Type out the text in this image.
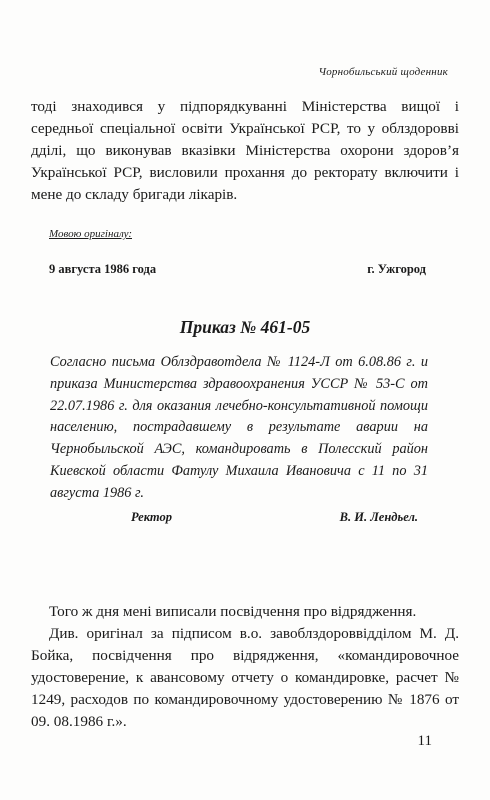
Чорнобильський щоденник

тоді знаходився у підпорядкуванні Міністерства вищої і середньої спеціальної освіти Української РСР, то у облздоровві дділі, що виконував вказівки Міністерства охорони здоров’я Української РСР, висловили прохання до ректорату включити і мене до складу бригади лікарів.

Мовою оригіналу:
9 августа 1986 года	г. Ужгород
Приказ № 461-05

Согласно письма Облздравотдела № 1124-Л от 6.08.86 г. и приказа Министерства здравоохранения УССР № 53-С от 22.07.1986 г. для оказания лечебно-консультативной помощи населению, пострадавшему в результате аварии на Чернобыльской АЭС, командировать в Полесский район Киевской области Фатулу Михаила Ивановича с 11 по 31 августа 1986 г.

Ректор	В. И. Лендьел.

Того ж дня мені виписали посвідчення про відрядження.

Див. оригінал за підписом в.о. завоблздороввідділом М. Д. Бойка, посвідчення про відрядження, «командировочное удостоверение, к авансовому отчету о командировке, расчет № 1249, расходов по командировочному удостоверению № 1876 от 09. 08.1986 г.».

11
